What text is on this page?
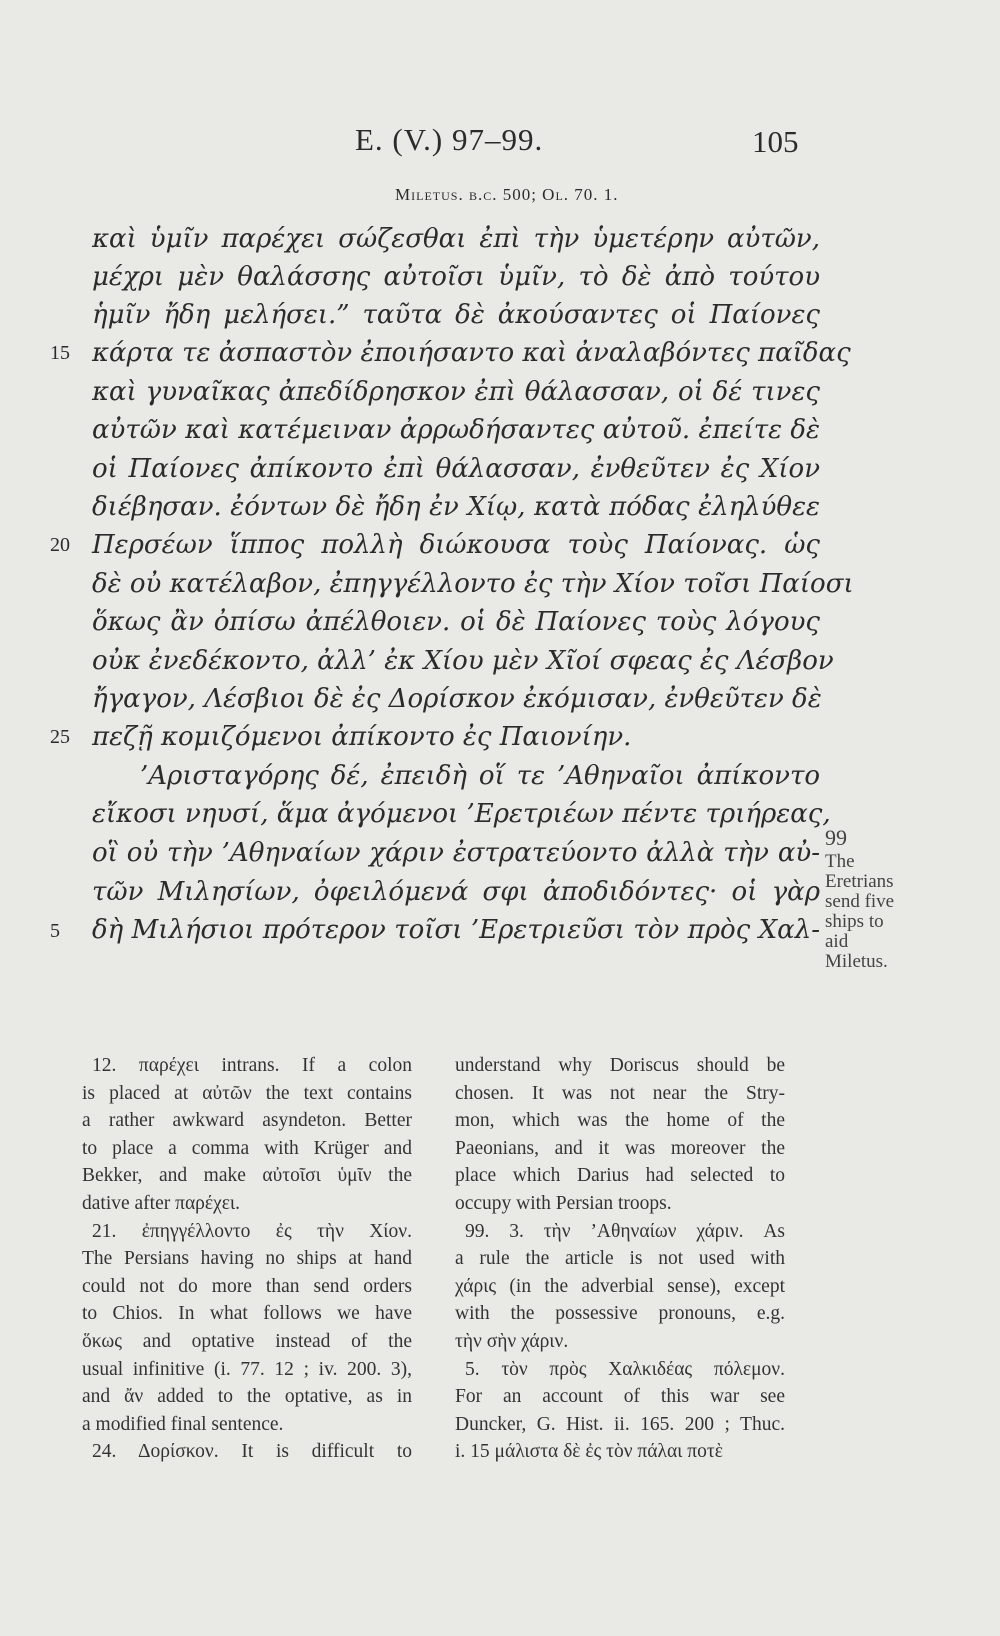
E. (V.) 97–99.	105
Miletus. b.c. 500; Ol. 70. 1.
καὶ ὑμῖν παρέχει σώζεσθαι ἐπὶ τὴν ὑμετέρην αὐτῶν,
μέχρι μὲν θαλάσσης αὐτοῖσι ὑμῖν, τὸ δὲ ἀπὸ τούτου
ἡμῖν ἤδη μελήσει.” ταῦτα δὲ ἀκούσαντες οἱ Παίονες
15 κάρτα τε ἀσπαστὸν ἐποιήσαντο καὶ ἀναλαβόντες παῖδας
καὶ γυναῖκας ἀπεδίδρησκον ἐπὶ θάλασσαν, οἱ δέ τινες
αὐτῶν καὶ κατέμειναν ἀρρωδήσαντες αὐτοῦ. ἐπείτε δὲ
οἱ Παίονες ἀπίκοντο ἐπὶ θάλασσαν, ἐνθεῦτεν ἐς Χίον
διέβησαν. ἐόντων δὲ ἤδη ἐν Χίῳ, κατὰ πόδας ἐληλύθεε
20 Περσέων ἵππος πολλὴ διώκουσα τοὺς Παίονας. ὡς
δὲ οὐ κατέλαβον, ἐπηγγέλλοντο ἐς τὴν Χίον τοῖσι Παίοσι
ὅκως ἂν ὀπίσω ἀπέλθοιεν. οἱ δὲ Παίονες τοὺς λόγους
οὐκ ἐνεδέκοντο, ἀλλ’ ἐκ Χίου μὲν Χῖοί σφεας ἐς Λέσβον
ἤγαγον, Λέσβιοι δὲ ἐς Δορίσκον ἐκόμισαν, ἐνθεῦτεν δὲ
25 πεζῇ κομιζόμενοι ἀπίκοντο ἐς Παιονίην.
’Αρισταγόρης δέ, ἐπειδὴ οἵ τε ’Αθηναῖοι ἀπίκοντο
εἴκοσι νηυσί, ἅμα ἀγόμενοι ’Ερετριέων πέντε τριήρεας,
οἳ οὐ τὴν ’Αθηναίων χάριν ἐστρατεύοντο ἀλλὰ τὴν αὐ-
τῶν Μιλησίων, ὀφειλόμενά σφι ἀποδιδόντες· οἱ γὰρ
5 δὴ Μιλήσιοι πρότερον τοῖσι ’Ερετριεῦσι τὸν πρὸς Χαλ-
99
The
Eretrians
send five
ships to
aid
Miletus.
12. παρέχει intrans. If a colon
is placed at αὐτῶν the text contains
a rather awkward asyndeton. Better
to place a comma with Krüger and
Bekker, and make αὐτοῖσι ὑμῖν the
dative after παρέχει.
21. ἐπηγγέλλοντο ἐς τὴν Χίον.
The Persians having no ships at hand
could not do more than send orders
to Chios. In what follows we have
ὅκως and optative instead of the
usual infinitive (i. 77. 12 ; iv. 200. 3),
and ἄν added to the optative, as in
a modified final sentence.
24. Δορίσκον. It is difficult to
understand why Doriscus should be
chosen. It was not near the Stry-
mon, which was the home of the
Paeonians, and it was moreover the
place which Darius had selected to
occupy with Persian troops.
99. 3. τὴν ’Αθηναίων χάριν. As
a rule the article is not used with
χάρις (in the adverbial sense), except
with the possessive pronouns, e.g.
τὴν σὴν χάριν.
5. τὸν πρὸς Χαλκιδέας πόλεμον.
For an account of this war see
Duncker, G. Hist. ii. 165. 200 ; Thuc.
i. 15 μάλιστα δὲ ἐς τὸν πάλαι ποτὲ
